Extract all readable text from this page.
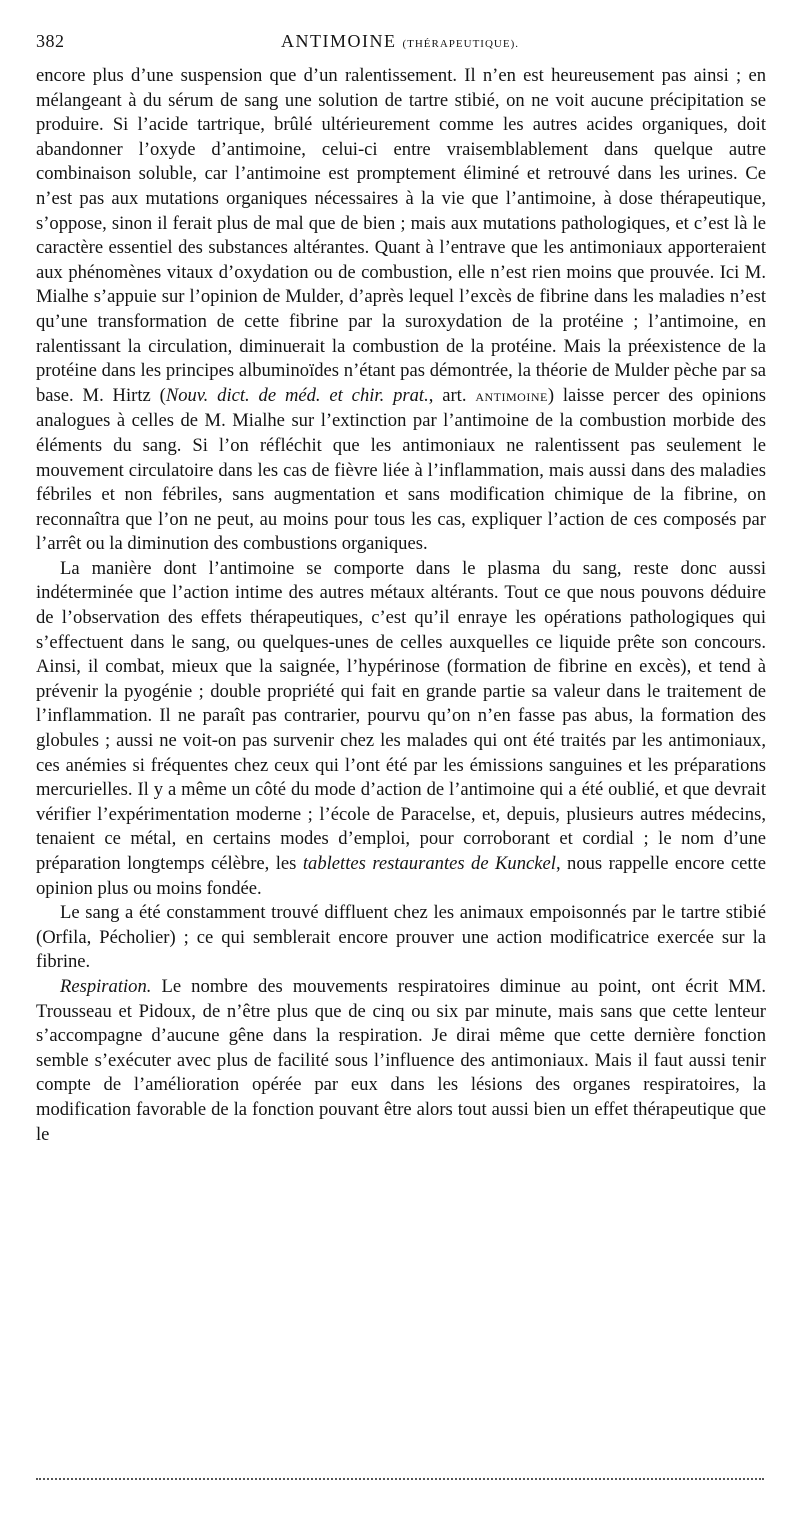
382	ANTIMOINE (THÉRAPEUTIQUE).

encore plus d’une suspension que d’un ralentissement. Il n’en est heureusement pas ainsi ; en mélangeant à du sérum de sang une solution de tartre stibié, on ne voit aucune précipitation se produire. Si l’acide tartrique, brûlé ultérieurement comme les autres acides organiques, doit abandonner l’oxyde d’antimoine, celui-ci entre vraisemblablement dans quelque autre combinaison soluble, car l’antimoine est promptement éliminé et retrouvé dans les urines. Ce n’est pas aux mutations organiques nécessaires à la vie que l’antimoine, à dose thérapeutique, s’oppose, sinon il ferait plus de mal que de bien ; mais aux mutations pathologiques, et c’est là le caractère essentiel des substances altérantes. Quant à l’entrave que les antimoniaux apporteraient aux phénomènes vitaux d’oxydation ou de combustion, elle n’est rien moins que prouvée. Ici M. Mialhe s’appuie sur l’opinion de Mulder, d’après lequel l’excès de fibrine dans les maladies n’est qu’une transformation de cette fibrine par la suroxydation de la protéine ; l’antimoine, en ralentissant la circulation, diminuerait la combustion de la protéine. Mais la préexistence de la protéine dans les principes albuminoïdes n’étant pas démontrée, la théorie de Mulder pèche par sa base. M. Hirtz (Nouv. dict. de méd. et chir. prat., art. ANTIMOINE) laisse percer des opinions analogues à celles de M. Mialhe sur l’extinction par l’antimoine de la combustion morbide des éléments du sang. Si l’on réfléchit que les antimoniaux ne ralentissent pas seulement le mouvement circulatoire dans les cas de fièvre liée à l’inflammation, mais aussi dans des maladies fébriles et non fébriles, sans augmentation et sans modification chimique de la fibrine, on reconnaîtra que l’on ne peut, au moins pour tous les cas, expliquer l’action de ces composés par l’arrêt ou la diminution des combustions organiques.

La manière dont l’antimoine se comporte dans le plasma du sang, reste donc aussi indéterminée que l’action intime des autres métaux altérants. Tout ce que nous pouvons déduire de l’observation des effets thérapeutiques, c’est qu’il enraye les opérations pathologiques qui s’effectuent dans le sang, ou quelques-unes de celles auxquelles ce liquide prête son concours. Ainsi, il combat, mieux que la saignée, l’hypérinose (formation de fibrine en excès), et tend à prévenir la pyogénie ; double propriété qui fait en grande partie sa valeur dans le traitement de l’inflammation. Il ne paraît pas contrarier, pourvu qu’on n’en fasse pas abus, la formation des globules ; aussi ne voit-on pas survenir chez les malades qui ont été traités par les antimoniaux, ces anémies si fréquentes chez ceux qui l’ont été par les émissions sanguines et les préparations mercurielles. Il y a même un côté du mode d’action de l’antimoine qui a été oublié, et que devrait vérifier l’expérimentation moderne ; l’école de Paracelse, et, depuis, plusieurs autres médecins, tenaient ce métal, en certains modes d’emploi, pour corroborant et cordial ; le nom d’une préparation longtemps célèbre, les tablettes restaurantes de Kunckel, nous rappelle encore cette opinion plus ou moins fondée.

Le sang a été constamment trouvé diffluent chez les animaux empoisonnés par le tartre stibié (Orfila, Pécholier) ; ce qui semblerait encore prouver une action modificatrice exercée sur la fibrine.

Respiration. Le nombre des mouvements respiratoires diminue au point, ont écrit MM. Trousseau et Pidoux, de n’être plus que de cinq ou six par minute, mais sans que cette lenteur s’accompagne d’aucune gêne dans la respiration. Je dirai même que cette dernière fonction semble s’exécuter avec plus de facilité sous l’influence des antimoniaux. Mais il faut aussi tenir compte de l’amélioration opérée par eux dans les lésions des organes respiratoires, la modification favorable de la fonction pouvant être alors tout aussi bien un effet thérapeutique que le
